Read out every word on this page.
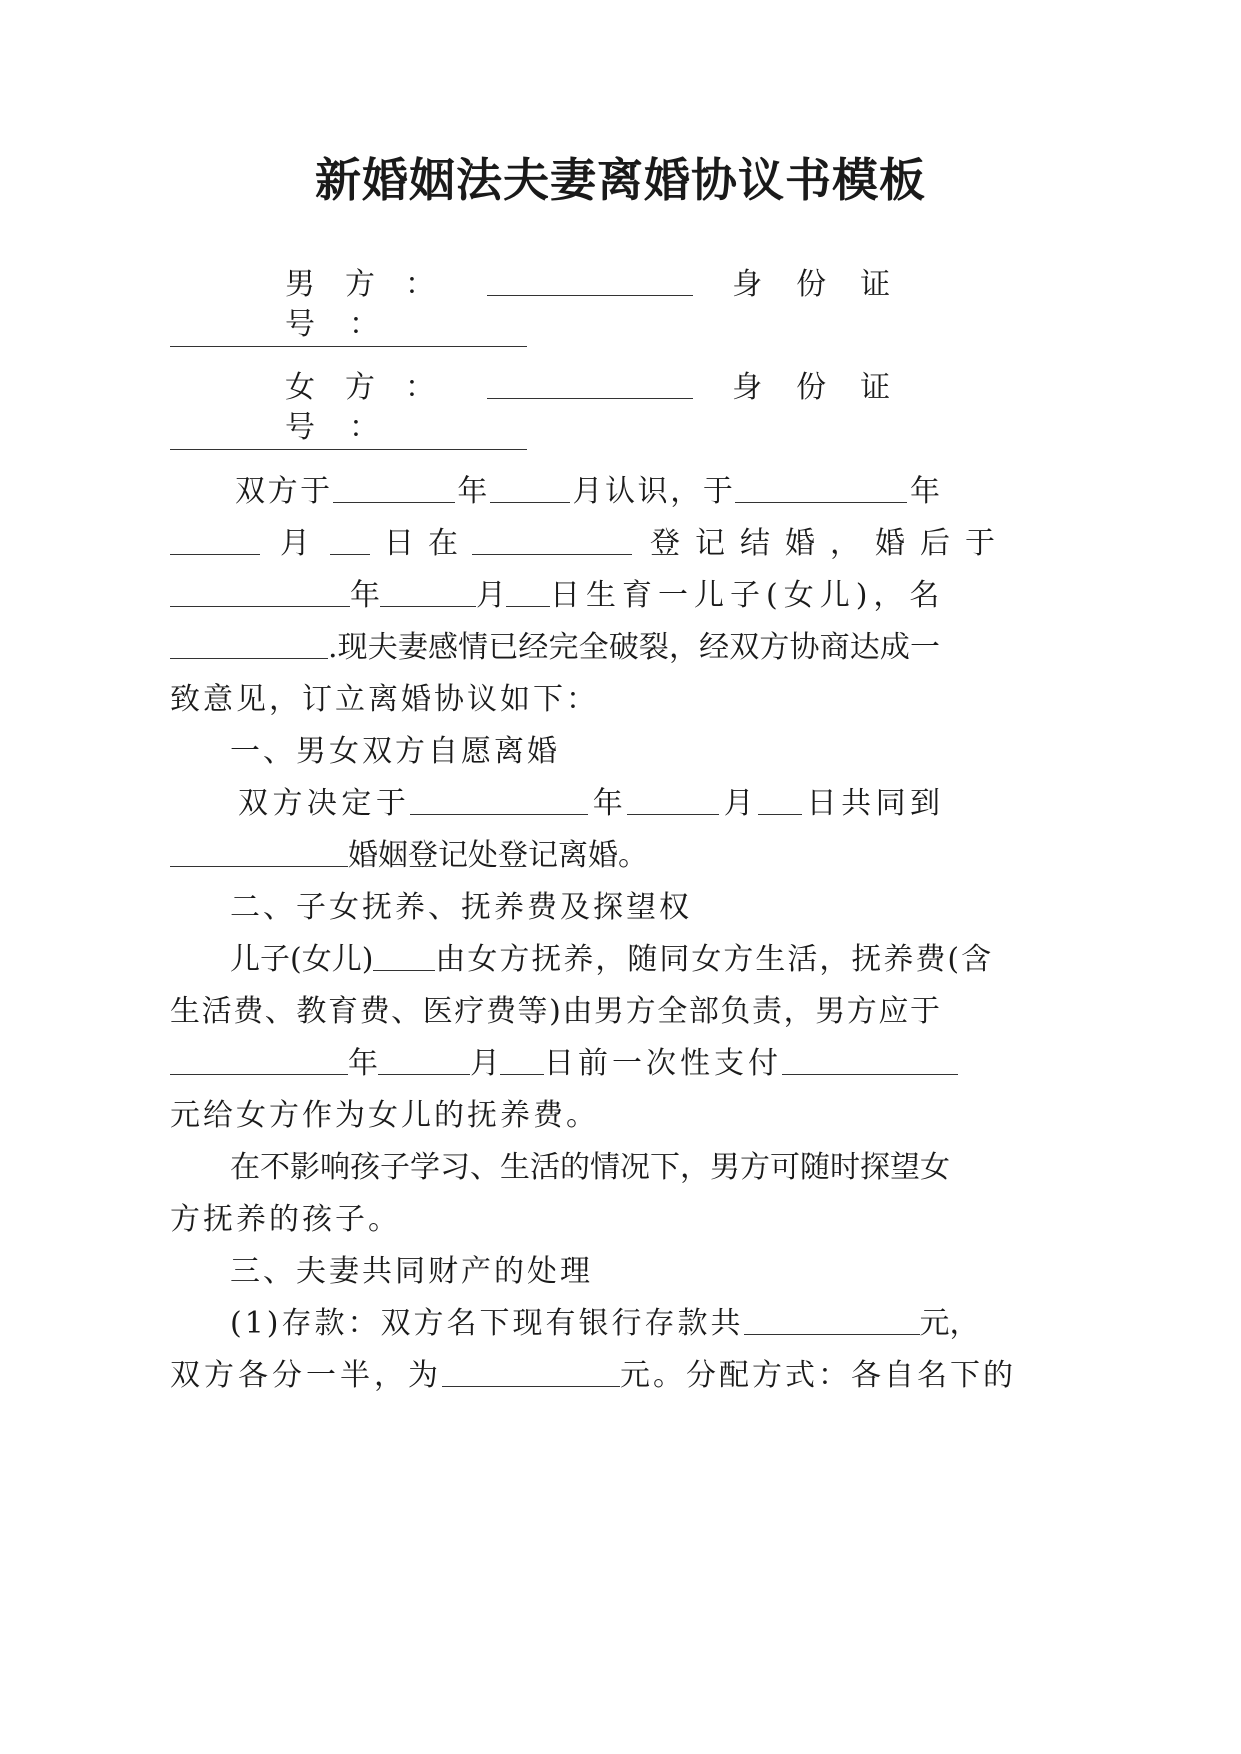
新婚姻法夫妻离婚协议书模板
男方：	身份证号：
女方：	身份证号：
双方于	年	月认识，于	年
月 日在	登记结婚，婚后于
年	月 日生育一儿子(女儿)，名
.现夫妻感情已经完全破裂，经双方协商达成一
致意见，订立离婚协议如下：
一、男女双方自愿离婚
双方决定于	年	月 日共同到
婚姻登记处登记离婚。
二、子女抚养、抚养费及探望权
儿子(女儿) 由女方抚养，随同女方生活，抚养费(含
生活费、教育费、医疗费等)由男方全部负责，男方应于
年	月 日前一次性支付
元给女方作为女儿的抚养费。
在不影响孩子学习、生活的情况下，男方可随时探望女
方抚养的孩子。
三、夫妻共同财产的处理
(1)存款：双方名下现有银行存款共	元，
双方各分一半，为	元。分配方式：各自名下的
